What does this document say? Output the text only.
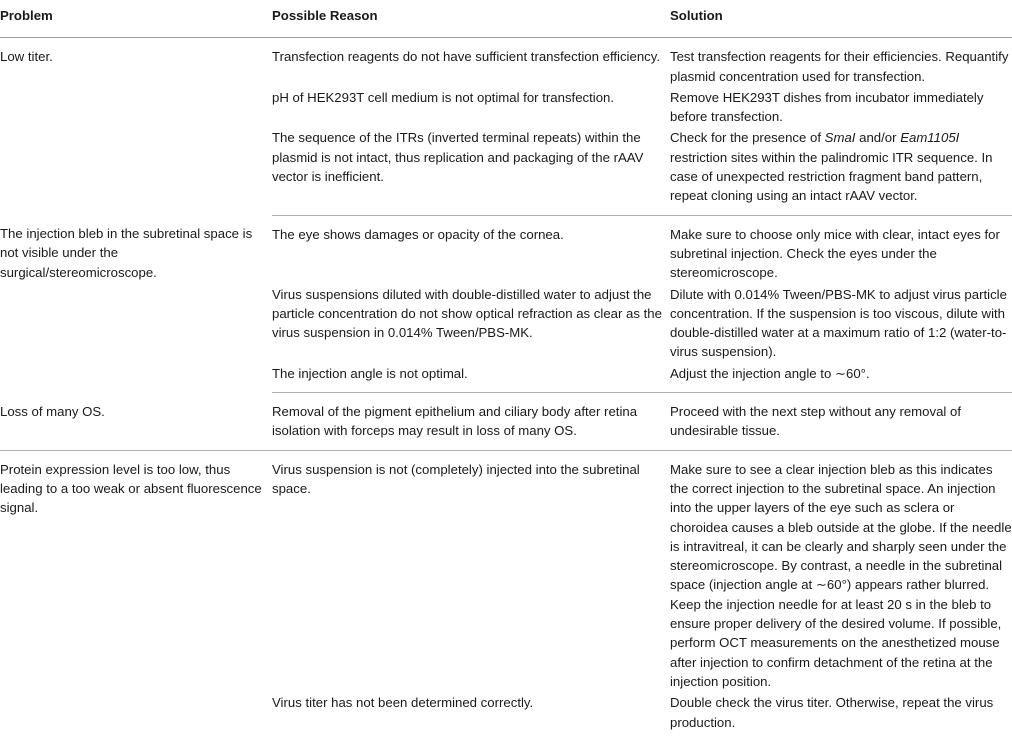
Problem	Possible Reason	Solution
Low titer.	Transfection reagents do not have sufficient transfection efficiency.	Test transfection reagents for their efficiencies. Requantify plasmid concentration used for transfection.
	pH of HEK293T cell medium is not optimal for transfection.	Remove HEK293T dishes from incubator immediately before transfection.
	The sequence of the ITRs (inverted terminal repeats) within the plasmid is not intact, thus replication and packaging of the rAAV vector is inefficient.	Check for the presence of SmaI and/or Eam1105I restriction sites within the palindromic ITR sequence. In case of unexpected restriction fragment band pattern, repeat cloning using an intact rAAV vector.
The injection bleb in the subretinal space is not visible under the surgical/stereomicroscope.	The eye shows damages or opacity of the cornea.	Make sure to choose only mice with clear, intact eyes for subretinal injection. Check the eyes under the stereomicroscope.
	Virus suspensions diluted with double-distilled water to adjust the particle concentration do not show optical refraction as clear as the virus suspension in 0.014% Tween/PBS-MK.	Dilute with 0.014% Tween/PBS-MK to adjust virus particle concentration. If the suspension is too viscous, dilute with double-distilled water at a maximum ratio of 1:2 (water-to-virus suspension).
	The injection angle is not optimal.	Adjust the injection angle to ∼60°.
Loss of many OS.	Removal of the pigment epithelium and ciliary body after retina isolation with forceps may result in loss of many OS.	Proceed with the next step without any removal of undesirable tissue.
Protein expression level is too low, thus leading to a too weak or absent fluorescence signal.	Virus suspension is not (completely) injected into the subretinal space.	Make sure to see a clear injection bleb as this indicates the correct injection to the subretinal space. An injection into the upper layers of the eye such as sclera or choroidea causes a bleb outside at the globe. If the needle is intravitreal, it can be clearly and sharply seen under the stereomicroscope. By contrast, a needle in the subretinal space (injection angle at ∼60°) appears rather blurred. Keep the injection needle for at least 20 s in the bleb to ensure proper delivery of the desired volume. If possible, perform OCT measurements on the anesthetized mouse after injection to confirm detachment of the retina at the injection position.
	Virus titer has not been determined correctly.	Double check the virus titer. Otherwise, repeat the virus production.
